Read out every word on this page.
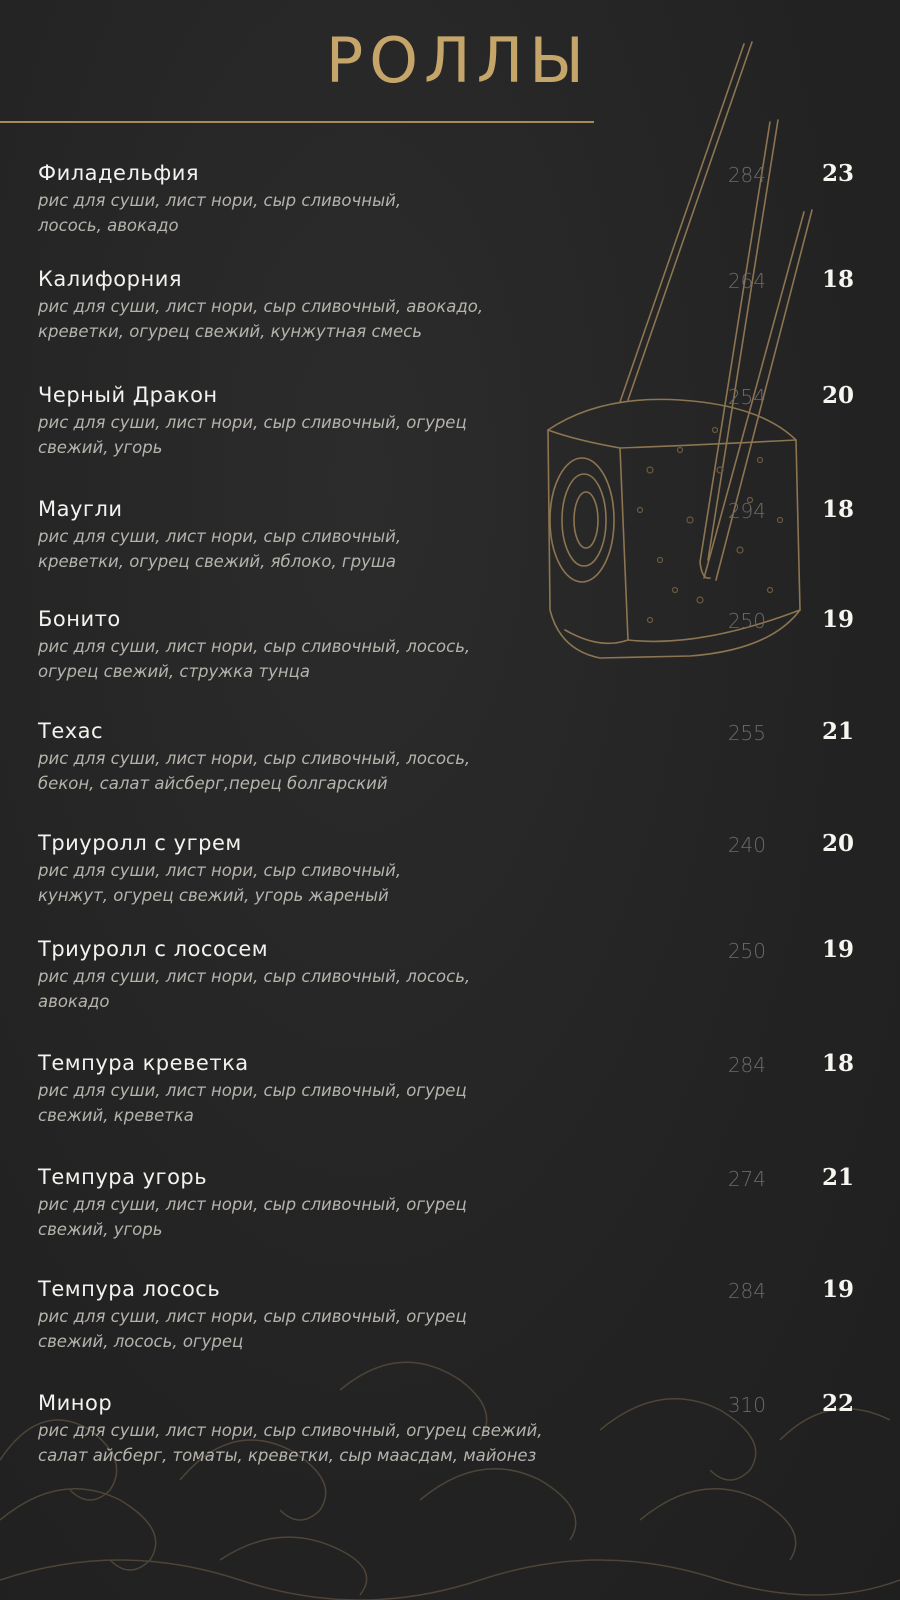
РОЛЛЫ
Филадельфия
рис для суши, лист нори, сыр сливочный,
лосось, авокадо
284	23
Калифорния
рис для суши, лист нори, сыр сливочный, авокадо,
креветки, огурец свежий, кунжутная смесь
264	18
Черный Дракон
рис для суши, лист нори, сыр сливочный, огурец
свежий, угорь
254	20
Маугли
рис для суши, лист нори, сыр сливочный,
креветки, огурец свежий, яблоко, груша
294	18
Бонито
рис для суши, лист нори, сыр сливочный, лосось,
огурец свежий, стружка тунца
250	19
Техас
рис для суши, лист нори, сыр сливочный, лосось,
бекон, салат айсберг,перец болгарский
255	21
Триуролл с угрем
рис для суши, лист нори, сыр сливочный,
кунжут, огурец свежий, угорь жареный
240	20
Триуролл с лососем
рис для суши, лист нори, сыр сливочный, лосось,
авокадо
250	19
Темпура креветка
рис для суши, лист нори, сыр сливочный, огурец
свежий, креветка
284	18
Темпура угорь
рис для суши, лист нори, сыр сливочный, огурец
свежий, угорь
274	21
Темпура лосось
рис для суши, лист нори, сыр сливочный, огурец
свежий, лосось, огурец
284	19
Минор
рис для суши, лист нори, сыр сливочный, огурец свежий,
салат айсберг, томаты, креветки, сыр маасдам, майонез
310	22
